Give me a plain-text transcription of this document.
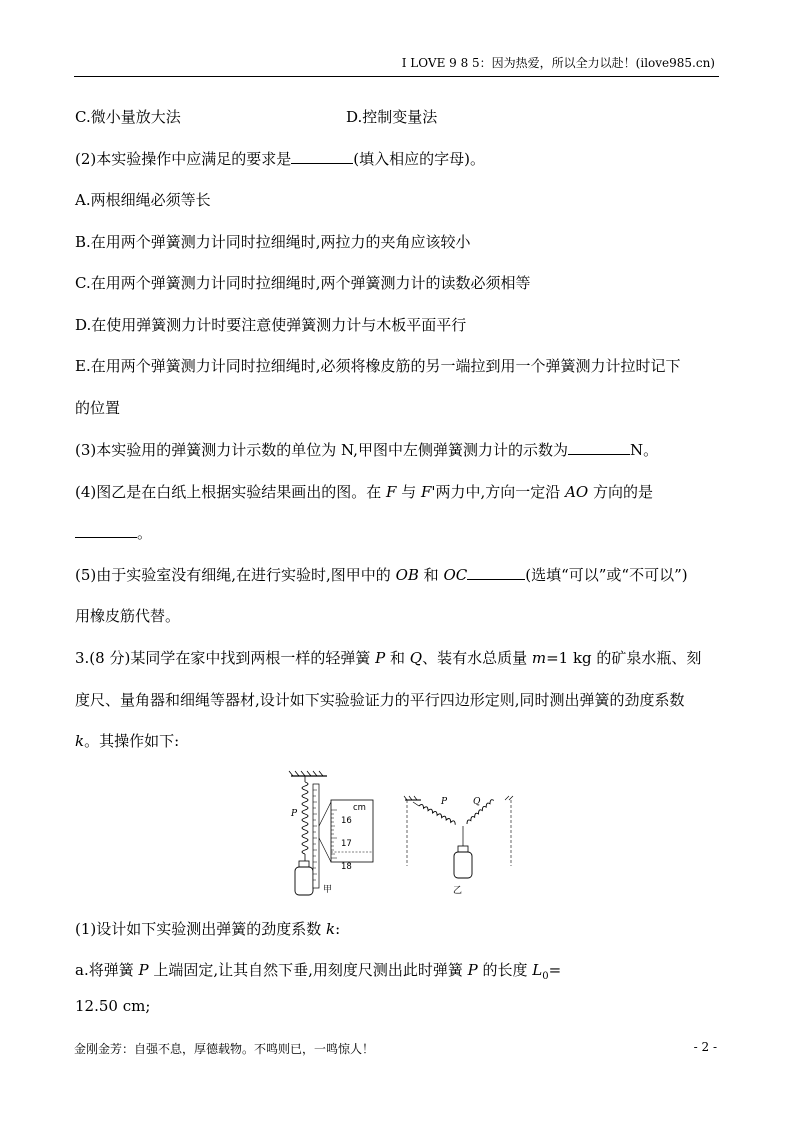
I LOVE 9 8 5：因为热爱，所以全力以赴！(ilove985.cn)
C.微小量放大法	D.控制变量法
(2)本实验操作中应满足的要求是	(填入相应的字母)。
A.两根细绳必须等长
B.在用两个弹簧测力计同时拉细绳时,两拉力的夹角应该较小
C.在用两个弹簧测力计同时拉细绳时,两个弹簧测力计的读数必须相等
D.在使用弹簧测力计时要注意使弹簧测力计与木板平面平行
E.在用两个弹簧测力计同时拉细绳时,必须将橡皮筋的另一端拉到用一个弹簧测力计拉时记下
的位置
(3)本实验用的弹簧测力计示数的单位为 N,甲图中左侧弹簧测力计的示数为	N。
(4)图乙是在白纸上根据实验结果画出的图。在 F 与 F'两力中,方向一定沿 AO 方向的是
。
(5)由于实验室没有细绳,在进行实验时,图甲中的 OB 和 OC	(选填“可以”或“不可以”)
用橡皮筋代替。
3.(8 分)某同学在家中找到两根一样的轻弹簧 P 和 Q、装有水总质量 m=1 kg 的矿泉水瓶、刻
度尺、量角器和细绳等器材,设计如下实验验证力的平行四边形定则,同时测出弹簧的劲度系数
k。其操作如下:
P
cm
16
17
18
甲
P	Q
乙
(1)设计如下实验测出弹簧的劲度系数 k:
a.将弹簧 P 上端固定,让其自然下垂,用刻度尺测出此时弹簧 P 的长度 $L_0=$
12.50 cm;
金刚金芳：自强不息，厚德载物。不鸣则已，一鸣惊人！	- 2 -
